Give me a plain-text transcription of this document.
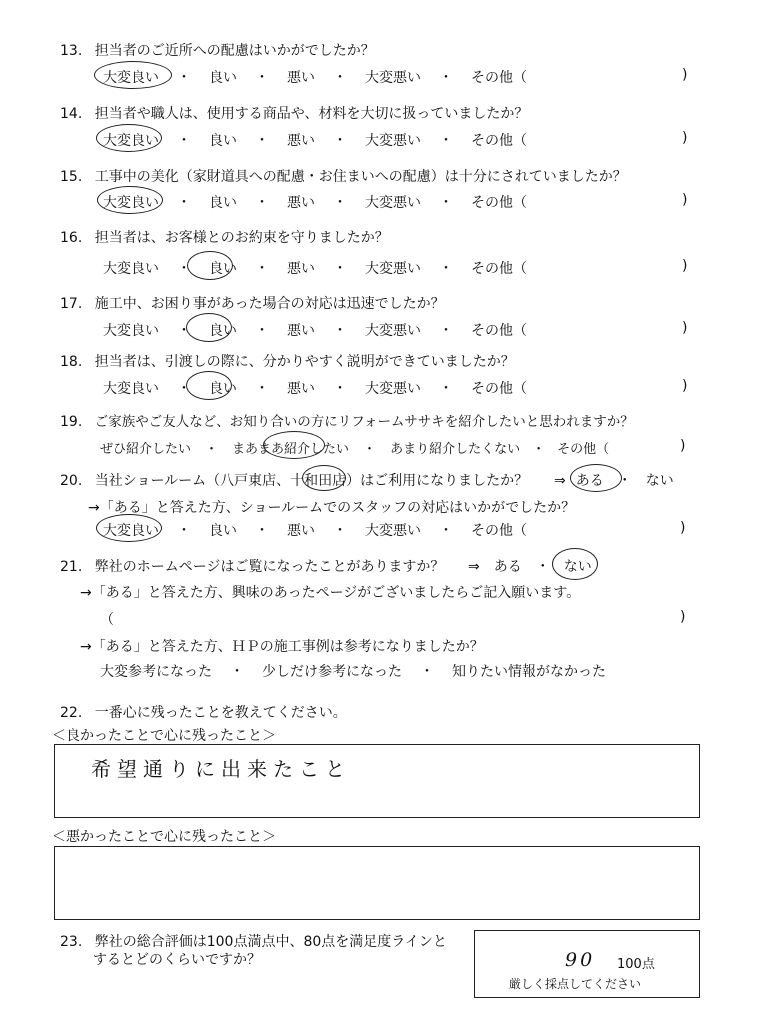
13. 担当者のご近所への配慮はいかがでしたか？
大変良い ・ 良い ・ 悪い ・ 大変悪い ・ その他（	)
14. 担当者や職人は、使用する商品や、材料を大切に扱っていましたか？
大変良い ・ 良い ・ 悪い ・ 大変悪い ・ その他（	)
15. 工事中の美化（家財道具への配慮・お住まいへの配慮）は十分にされていましたか？
大変良い ・ 良い ・ 悪い ・ 大変悪い ・ その他（	)
16. 担当者は、お客様とのお約束を守りましたか？
大変良い ・ 良い ・ 悪い ・ 大変悪い ・ その他（	)
17. 施工中、お困り事があった場合の対応は迅速でしたか？
大変良い ・ 良い ・ 悪い ・ 大変悪い ・ その他（	)
18. 担当者は、引渡しの際に、分かりやすく説明ができていましたか？
大変良い ・ 良い ・ 悪い ・ 大変悪い ・ その他（	)
19. ご家族やご友人など、お知り合いの方にリフォームササキを紹介したいと思われますか？
ぜひ紹介したい ・ まあまあ紹介したい ・ あまり紹介したくない ・ その他（	)
20. 当社ショールーム（八戸東店、十和田店）はご利用になりましたか？ ⇒ ある ・ ない
→「ある」と答えた方、ショールームでのスタッフの対応はいかがでしたか？
大変良い ・ 良い ・ 悪い ・ 大変悪い ・ その他（	)
21. 弊社のホームページはご覧になったことがありますか？ ⇒ ある ・ ない
→「ある」と答えた方、興味のあったページがございましたらご記入願います。
（	)
→「ある」と答えた方、ＨＰの施工事例は参考になりましたか？
大変参考になった ・ 少しだけ参考になった ・ 知りたい情報がなかった
22. 一番心に残ったことを教えてください。
＜良かったことで心に残ったこと＞
希望通りに出来たこと
＜悪かったことで心に残ったこと＞
23. 弊社の総合評価は100点満点中、80点を満足度ラインと
するとどのくらいですか？	90 100点
厳しく採点してください
